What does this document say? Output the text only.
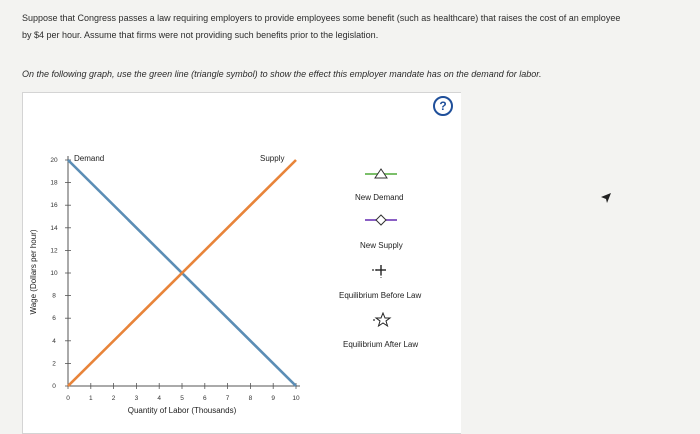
Suppose that Congress passes a law requiring employers to provide employees some benefit (such as healthcare) that raises the cost of an employee
by $4 per hour. Assume that firms were not providing such benefits prior to the legislation.
On the following graph, use the green line (triangle symbol) to show the effect this employer mandate has on the demand for labor.
?
0	1	2	3	4	5	6	7	8	9	10
0
2
4
6
8
10
12
14
16
18
20 Demand	Supply
Quantity of Labor (Thousands)
Wage (Dollars per hour)
New Demand
New Supply
Equilibrium Before Law
Equilibrium After Law
